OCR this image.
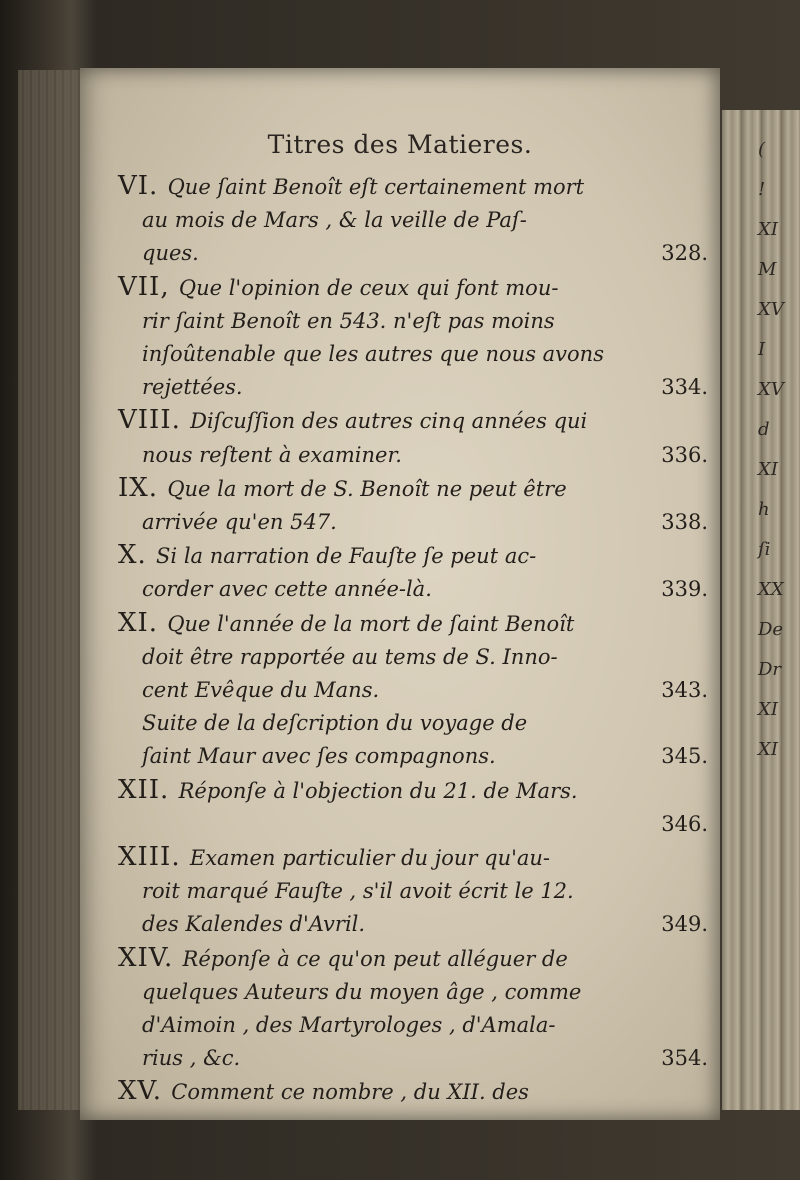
Titres des Matieres.
VI. Que ſaint Benoît eſt certainement mort
au mois de Mars , & la veille de Paſ-
ques.	328.
VII, Que l'opinion de ceux qui font mou-
rir ſaint Benoît en 543. n'eſt pas moins
inſoûtenable que les autres que nous avons
rejettées.	334.
VIII. Diſcuſſion des autres cinq années qui
nous reſtent à examiner.	336.
IX. Que la mort de S. Benoît ne peut être
arrivée qu'en 547.	338.
X. Si la narration de Fauſte ſe peut ac-
corder avec cette année-là.	339.
XI. Que l'année de la mort de ſaint Benoît
doit être rapportée au tems de S. Inno-
cent Evêque du Mans.	343.
Suite de la deſcription du voyage de
ſaint Maur avec ſes compagnons.	345.
XII. Réponſe à l'objection du 21. de Mars.
346.
XIII. Examen particulier du jour qu'au-
roit marqué Fauſte , s'il avoit écrit le 12.
des Kalendes d'Avril.	349.
XIV. Réponſe à ce qu'on peut alléguer de
quelques Auteurs du moyen âge , comme
d'Aimoin , des Martyrologes , d'Amala-
rius , &c.	354.
XV. Comment ce nombre , du XII. des
(
!
XI
M
XV
I
XV
d
XI
h
ſi
XX
De
Dr
XI
XI
